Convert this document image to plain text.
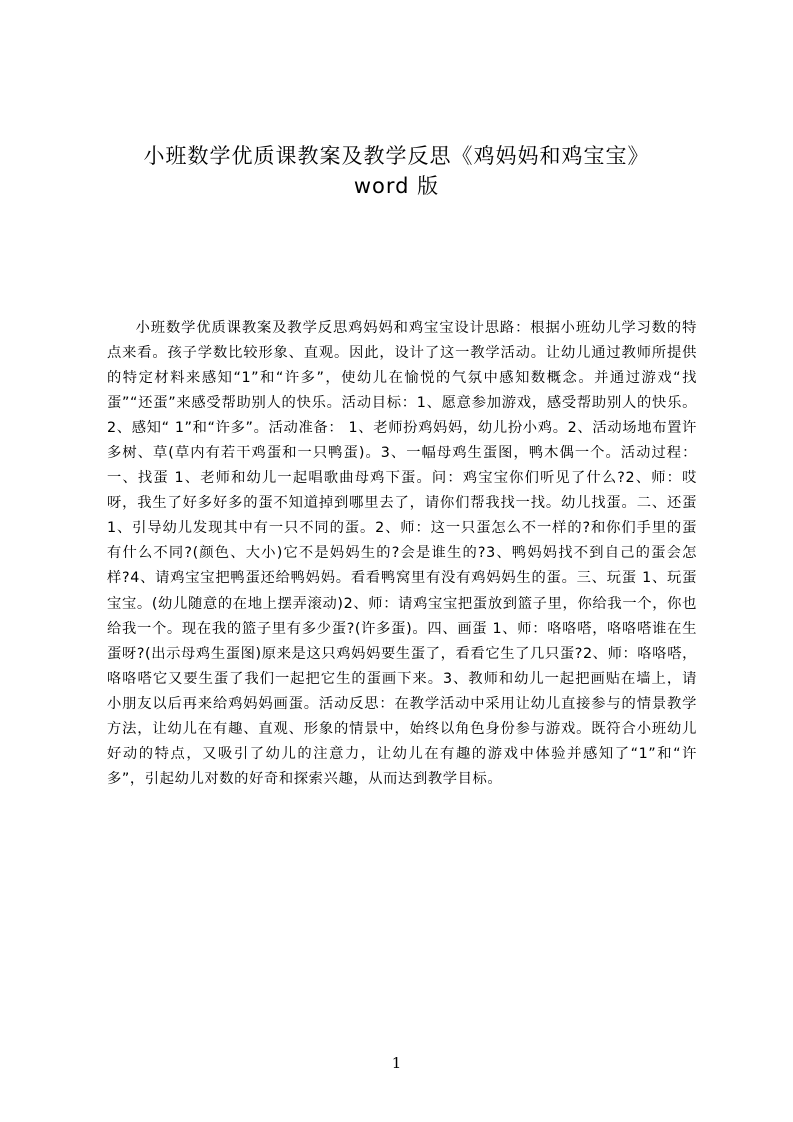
小班数学优质课教案及教学反思《鸡妈妈和鸡宝宝》
word 版
小班数学优质课教案及教学反思鸡妈妈和鸡宝宝设计思路：根据小班幼儿学习数的特点来看。孩子学数比较形象、直观。因此，设计了这一教学活动。让幼儿通过教师所提供的特定材料来感知“1”和“许多”，使幼儿在愉悦的气氛中感知数概念。并通过游戏“找蛋”“还蛋”来感受帮助别人的快乐。活动目标：1、愿意参加游戏，感受帮助别人的快乐。2、感知“ 1”和“许多”。活动准备： 1、老师扮鸡妈妈，幼儿扮小鸡。2、活动场地布置许多树、草(草内有若干鸡蛋和一只鸭蛋)。3、一幅母鸡生蛋图，鸭木偶一个。活动过程：一、找蛋 1、老师和幼儿一起唱歌曲母鸡下蛋。问：鸡宝宝你们听见了什么?2、师：哎呀，我生了好多好多的蛋不知道掉到哪里去了，请你们帮我找一找。幼儿找蛋。二、还蛋 1、引导幼儿发现其中有一只不同的蛋。2、师：这一只蛋怎么不一样的?和你们手里的蛋有什么不同?(颜色、大小)它不是妈妈生的?会是谁生的?3、鸭妈妈找不到自己的蛋会怎样?4、请鸡宝宝把鸭蛋还给鸭妈妈。看看鸭窝里有没有鸡妈妈生的蛋。三、玩蛋 1、玩蛋宝宝。(幼儿随意的在地上摆弄滚动)2、师：请鸡宝宝把蛋放到篮子里，你给我一个，你也给我一个。现在我的篮子里有多少蛋?(许多蛋)。四、画蛋 1、师：咯咯嗒，咯咯嗒谁在生蛋呀?(出示母鸡生蛋图)原来是这只鸡妈妈要生蛋了，看看它生了几只蛋?2、师：咯咯嗒，咯咯嗒它又要生蛋了我们一起把它生的蛋画下来。3、教师和幼儿一起把画贴在墙上，请小朋友以后再来给鸡妈妈画蛋。活动反思：在教学活动中采用让幼儿直接参与的情景教学方法，让幼儿在有趣、直观、形象的情景中，始终以角色身份参与游戏。既符合小班幼儿好动的特点，又吸引了幼儿的注意力，让幼儿在有趣的游戏中体验并感知了“1”和“许多”，引起幼儿对数的好奇和探索兴趣，从而达到教学目标。
1
